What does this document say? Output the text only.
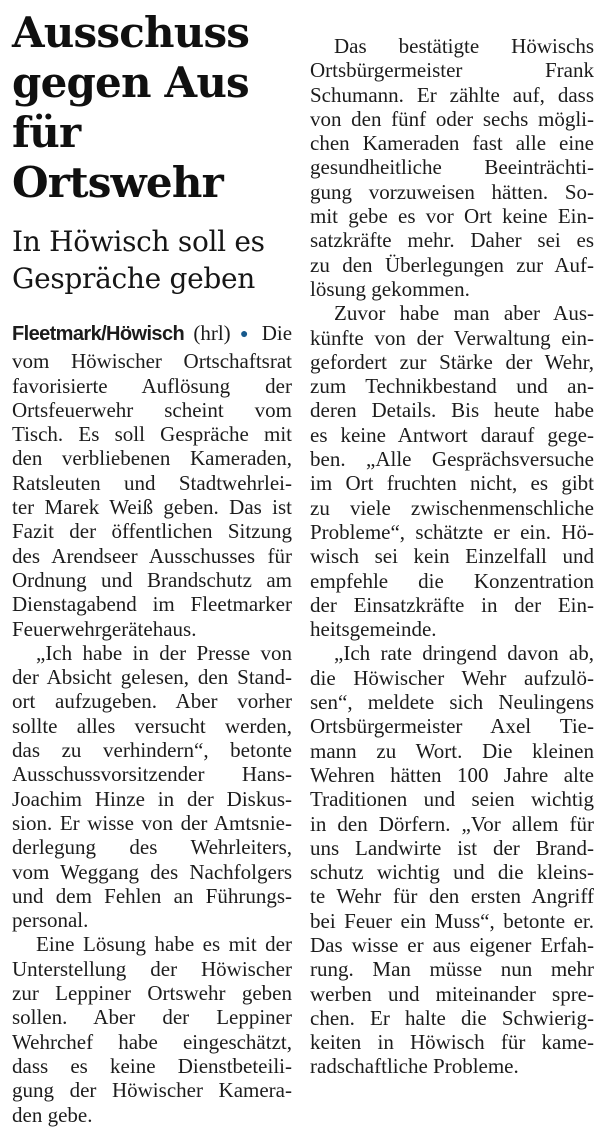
Ausschuss
gegen Aus
für Ortswehr
In Höwisch soll es
Gespräche geben

Fleetmark/Höwisch (hrl) ● Die
vom Höwischer Ortschaftsrat
favorisierte Auflösung der
Ortsfeuerwehr scheint vom
Tisch. Es soll Gespräche mit
den verbliebenen Kameraden,
Ratsleuten und Stadtwehrlei-
ter Marek Weiß geben. Das ist
Fazit der öffentlichen Sitzung
des Arendseer Ausschusses für
Ordnung und Brandschutz am
Dienstagabend im Fleetmarker
Feuerwehrgerätehaus.

„Ich habe in der Presse von
der Absicht gelesen, den Stand-
ort aufzugeben. Aber vorher
sollte alles versucht werden,
das zu verhindern“, betonte
Ausschussvorsitzender Hans-
Joachim Hinze in der Diskus-
sion. Er wisse von der Amtsnie-
derlegung des Wehrleiters,
vom Weggang des Nachfolgers
und dem Fehlen an Führungs-
personal.

Eine Lösung habe es mit der
Unterstellung der Höwischer
zur Leppiner Ortswehr geben
sollen. Aber der Leppiner
Wehrchef habe eingeschätzt,
dass es keine Dienstbeteili-
gung der Höwischer Kamera-
den gebe.

Das bestätigte Höwischs
Ortsbürgermeister Frank
Schumann. Er zählte auf, dass
von den fünf oder sechs mögli-
chen Kameraden fast alle eine
gesundheitliche Beeinträchti-
gung vorzuweisen hätten. So-
mit gebe es vor Ort keine Ein-
satzkräfte mehr. Daher sei es
zu den Überlegungen zur Auf-
lösung gekommen.

Zuvor habe man aber Aus-
künfte von der Verwaltung ein-
gefordert zur Stärke der Wehr,
zum Technikbestand und an-
deren Details. Bis heute habe
es keine Antwort darauf gege-
ben. „Alle Gesprächsversuche
im Ort fruchten nicht, es gibt
zu viele zwischenmenschliche
Probleme“, schätzte er ein. Hö-
wisch sei kein Einzelfall und
empfehle die Konzentration
der Einsatzkräfte in der Ein-
heitsgemeinde.

„Ich rate dringend davon ab,
die Höwischer Wehr aufzulö-
sen“, meldete sich Neulingens
Ortsbürgermeister Axel Tie-
mann zu Wort. Die kleinen
Wehren hätten 100 Jahre alte
Traditionen und seien wichtig
in den Dörfern. „Vor allem für
uns Landwirte ist der Brand-
schutz wichtig und die kleins-
te Wehr für den ersten Angriff
bei Feuer ein Muss“, betonte er.
Das wisse er aus eigener Erfah-
rung. Man müsse nun mehr
werben und miteinander spre-
chen. Er halte die Schwierig-
keiten in Höwisch für kame-
radschaftliche Probleme.
